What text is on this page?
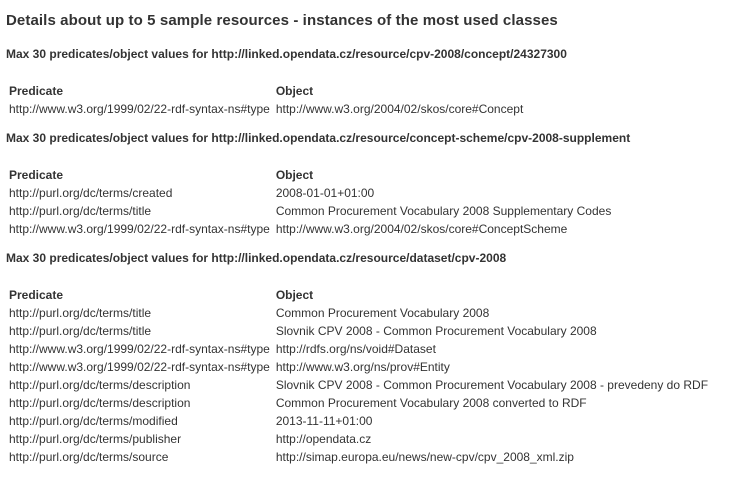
Details about up to 5 sample resources - instances of the most used classes
Max 30 predicates/object values for http://linked.opendata.cz/resource/cpv-2008/concept/24327300
Predicate	Object
http://www.w3.org/1999/02/22-rdf-syntax-ns#type	http://www.w3.org/2004/02/skos/core#Concept
Max 30 predicates/object values for http://linked.opendata.cz/resource/concept-scheme/cpv-2008-supplement
Predicate	Object
http://purl.org/dc/terms/created	2008-01-01+01:00
http://purl.org/dc/terms/title	Common Procurement Vocabulary 2008 Supplementary Codes
http://www.w3.org/1999/02/22-rdf-syntax-ns#type	http://www.w3.org/2004/02/skos/core#ConceptScheme
Max 30 predicates/object values for http://linked.opendata.cz/resource/dataset/cpv-2008
Predicate	Object
http://purl.org/dc/terms/title	Common Procurement Vocabulary 2008
http://purl.org/dc/terms/title	Slovnik CPV 2008 - Common Procurement Vocabulary 2008
http://www.w3.org/1999/02/22-rdf-syntax-ns#type	http://rdfs.org/ns/void#Dataset
http://www.w3.org/1999/02/22-rdf-syntax-ns#type	http://www.w3.org/ns/prov#Entity
http://purl.org/dc/terms/description	Slovnik CPV 2008 - Common Procurement Vocabulary 2008 - prevedeny do RDF
http://purl.org/dc/terms/description	Common Procurement Vocabulary 2008 converted to RDF
http://purl.org/dc/terms/modified	2013-11-11+01:00
http://purl.org/dc/terms/publisher	http://opendata.cz
http://purl.org/dc/terms/source	http://simap.europa.eu/news/new-cpv/cpv_2008_xml.zip
